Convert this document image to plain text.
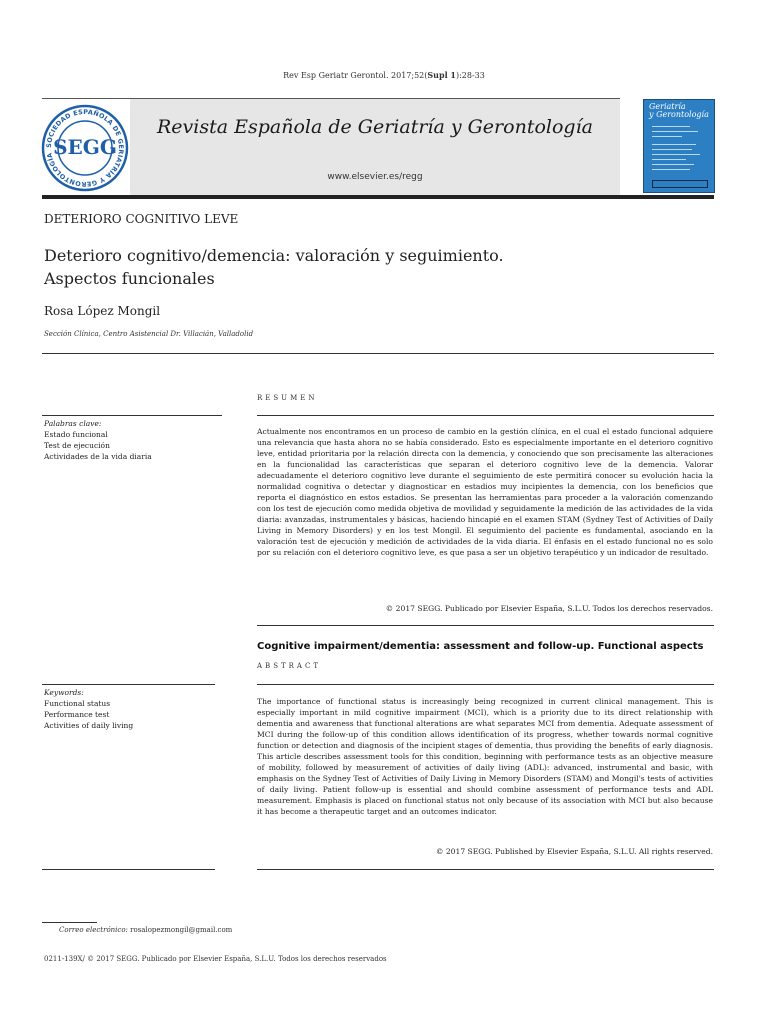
Rev Esp Geriatr Gerontol. 2017;52(Supl 1):28-33
Revista Española de Geriatría y Gerontología
www.elsevier.es/regg
SOCIEDAD ESPAÑOLA DE GERIATRÍA Y GERONTOLOGÍA
SEGG
Geriatría
y Gerontología
DETERIORO COGNITIVO LEVE
Deterioro cognitivo/demencia: valoración y seguimiento.
Aspectos funcionales
Rosa López Mongil
Sección Clínica, Centro Asistencial Dr. Villacián, Valladolid
RESUMEN
Palabras clave:
Estado funcional
Test de ejecución
Actividades de la vida diaria
Actualmente nos encontramos en un proceso de cambio en la gestión clínica, en el cual el estado funcional adquiere una relevancia que hasta ahora no se había considerado. Esto es especialmente importante en el deterioro cognitivo leve, entidad prioritaria por la relación directa con la demencia, y conociendo que son precisamente las alteraciones en la funcionalidad las características que separan el deterioro cognitivo leve de la demencia. Valorar adecuadamente el deterioro cognitivo leve durante el seguimiento de este permitirá conocer su evolución hacia la normalidad cognitiva o detectar y diagnosticar en estadios muy incipientes la demencia, con los beneficios que reporta el diagnóstico en estos estadios. Se presentan las herramientas para proceder a la valoración comenzando con los test de ejecución como medida objetiva de movilidad y seguidamente la medición de las actividades de la vida diaria: avanzadas, instrumentales y básicas, haciendo hincapié en el examen STAM (Sydney Test of Activities of Daily Living in Memory Disorders) y en los test Mongil. El seguimiento del paciente es fundamental, asociando en la valoración test de ejecución y medición de actividades de la vida diaria. El énfasis en el estado funcional no es solo por su relación con el deterioro cognitivo leve, es que pasa a ser un objetivo terapéutico y un indicador de resultado.
© 2017 SEGG. Publicado por Elsevier España, S.L.U. Todos los derechos reservados.
Cognitive impairment/dementia: assessment and follow-up. Functional aspects
ABSTRACT
Keywords:
Functional status
Performance test
Activities of daily living
The importance of functional status is increasingly being recognized in current clinical management. This is especially important in mild cognitive impairment (MCI), which is a priority due to its direct relationship with dementia and awareness that functional alterations are what separates MCI from dementia. Adequate assessment of MCI during the follow-up of this condition allows identification of its progress, whether towards normal cognitive function or detection and diagnosis of the incipient stages of dementia, thus providing the benefits of early diagnosis. This article describes assessment tools for this condition, beginning with performance tests as an objective measure of mobility, followed by measurement of activities of daily living (ADL): advanced, instrumental and basic, with emphasis on the Sydney Test of Activities of Daily Living in Memory Disorders (STAM) and Mongil's tests of activities of daily living. Patient follow-up is essential and should combine assessment of performance tests and ADL measurement. Emphasis is placed on functional status not only because of its association with MCI but also because it has become a therapeutic target and an outcomes indicator.
© 2017 SEGG. Published by Elsevier España, S.L.U. All rights reserved.
Correo electrónico: rosalopezmongil@gmail.com
0211-139X/ © 2017 SEGG. Publicado por Elsevier España, S.L.U. Todos los derechos reservados
